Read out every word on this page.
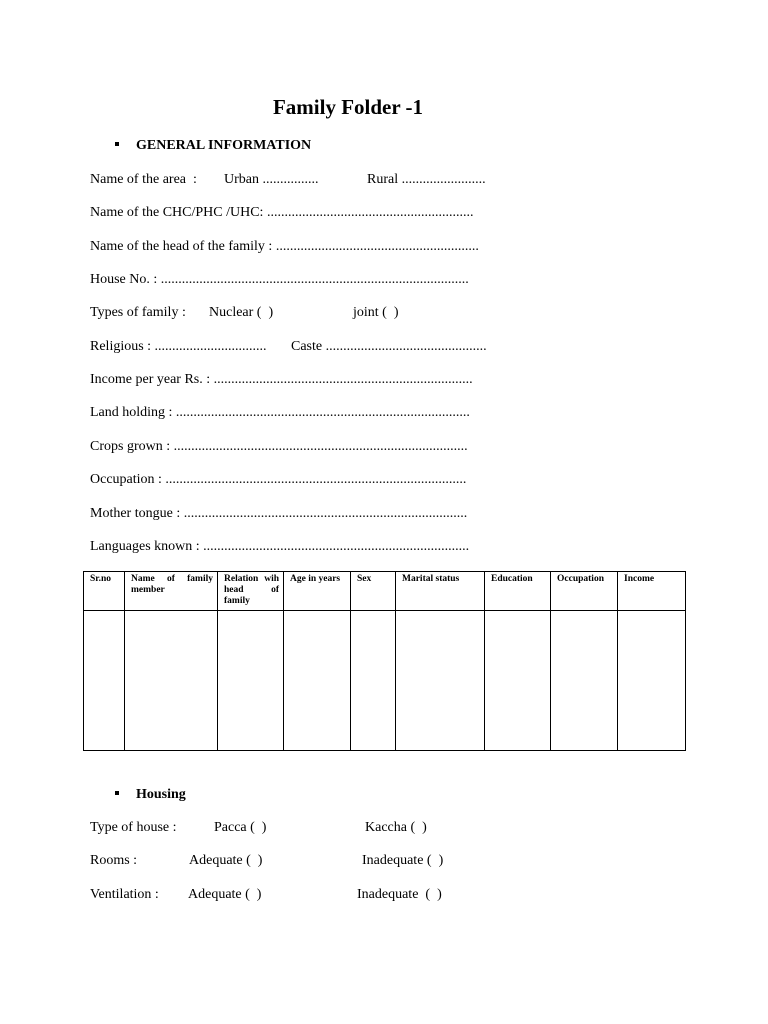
Family Folder -1
GENERAL INFORMATION

Name of the area  :

Urban ................

	Rural ........................

Name of the CHC/PHC /UHC: ...........................................................
Name of the head of the family : ..........................................................
House No. : ........................................................................................

Types of family :

Nuclear (  )

	joint (  )

Religious : ................................

Caste ..............................................

Income per year Rs. : ..........................................................................
Land holding : ....................................................................................
Crops grown : ....................................................................................
Occupation : ......................................................................................
Mother tongue : .................................................................................
Languages known : ............................................................................
Sr.no	Name of family member	Relation wih head of family	Age in years	Sex	Marital status	Education	Occupation	Income

Housing

Type of house :

	Pacca (  )

	Kaccha (  )

Rooms :

	Adequate (  )

	Inadequate (  )

Ventilation :

Adequate (  )

	Inadequate  (  )
